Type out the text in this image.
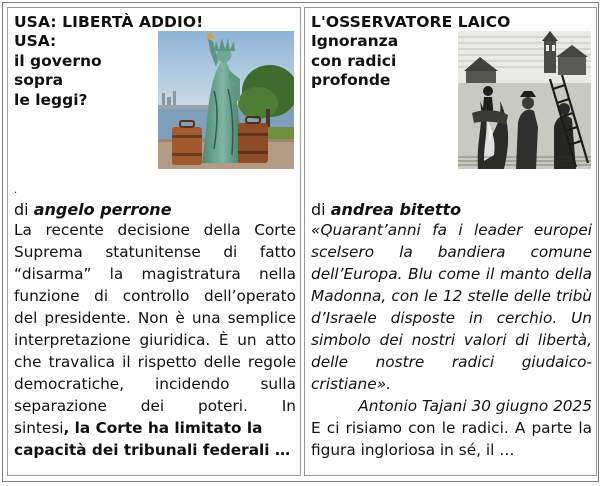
USA: LIBERTÀ ADDIO!
USA:
il governo
sopra
le leggi?
.
di angelo perrone
La recente decisione della Corte
Suprema statunitense di fatto
“disarma” la magistratura nella
funzione di controllo dell’operato
del presidente. Non è una semplice
interpretazione giuridica. È un atto
che travalica il rispetto delle regole
democratiche, incidendo sulla
separazione dei poteri. In
sintesi, la Corte ha limitato la
capacità dei tribunali federali …
L'OSSERVATORE LAICO
Ignoranza
con radici
profonde
di andrea bitetto
«Quarant’anni fa i leader europei
scelsero la bandiera comune
dell’Europa. Blu come il manto della
Madonna, con le 12 stelle delle tribù
d’Israele disposte in cerchio. Un
simbolo dei nostri valori di libertà,
delle nostre radici giudaico-
cristiane».
Antonio Tajani 30 giugno 2025
E ci risiamo con le radici. A parte la
figura ingloriosa in sé, il …
